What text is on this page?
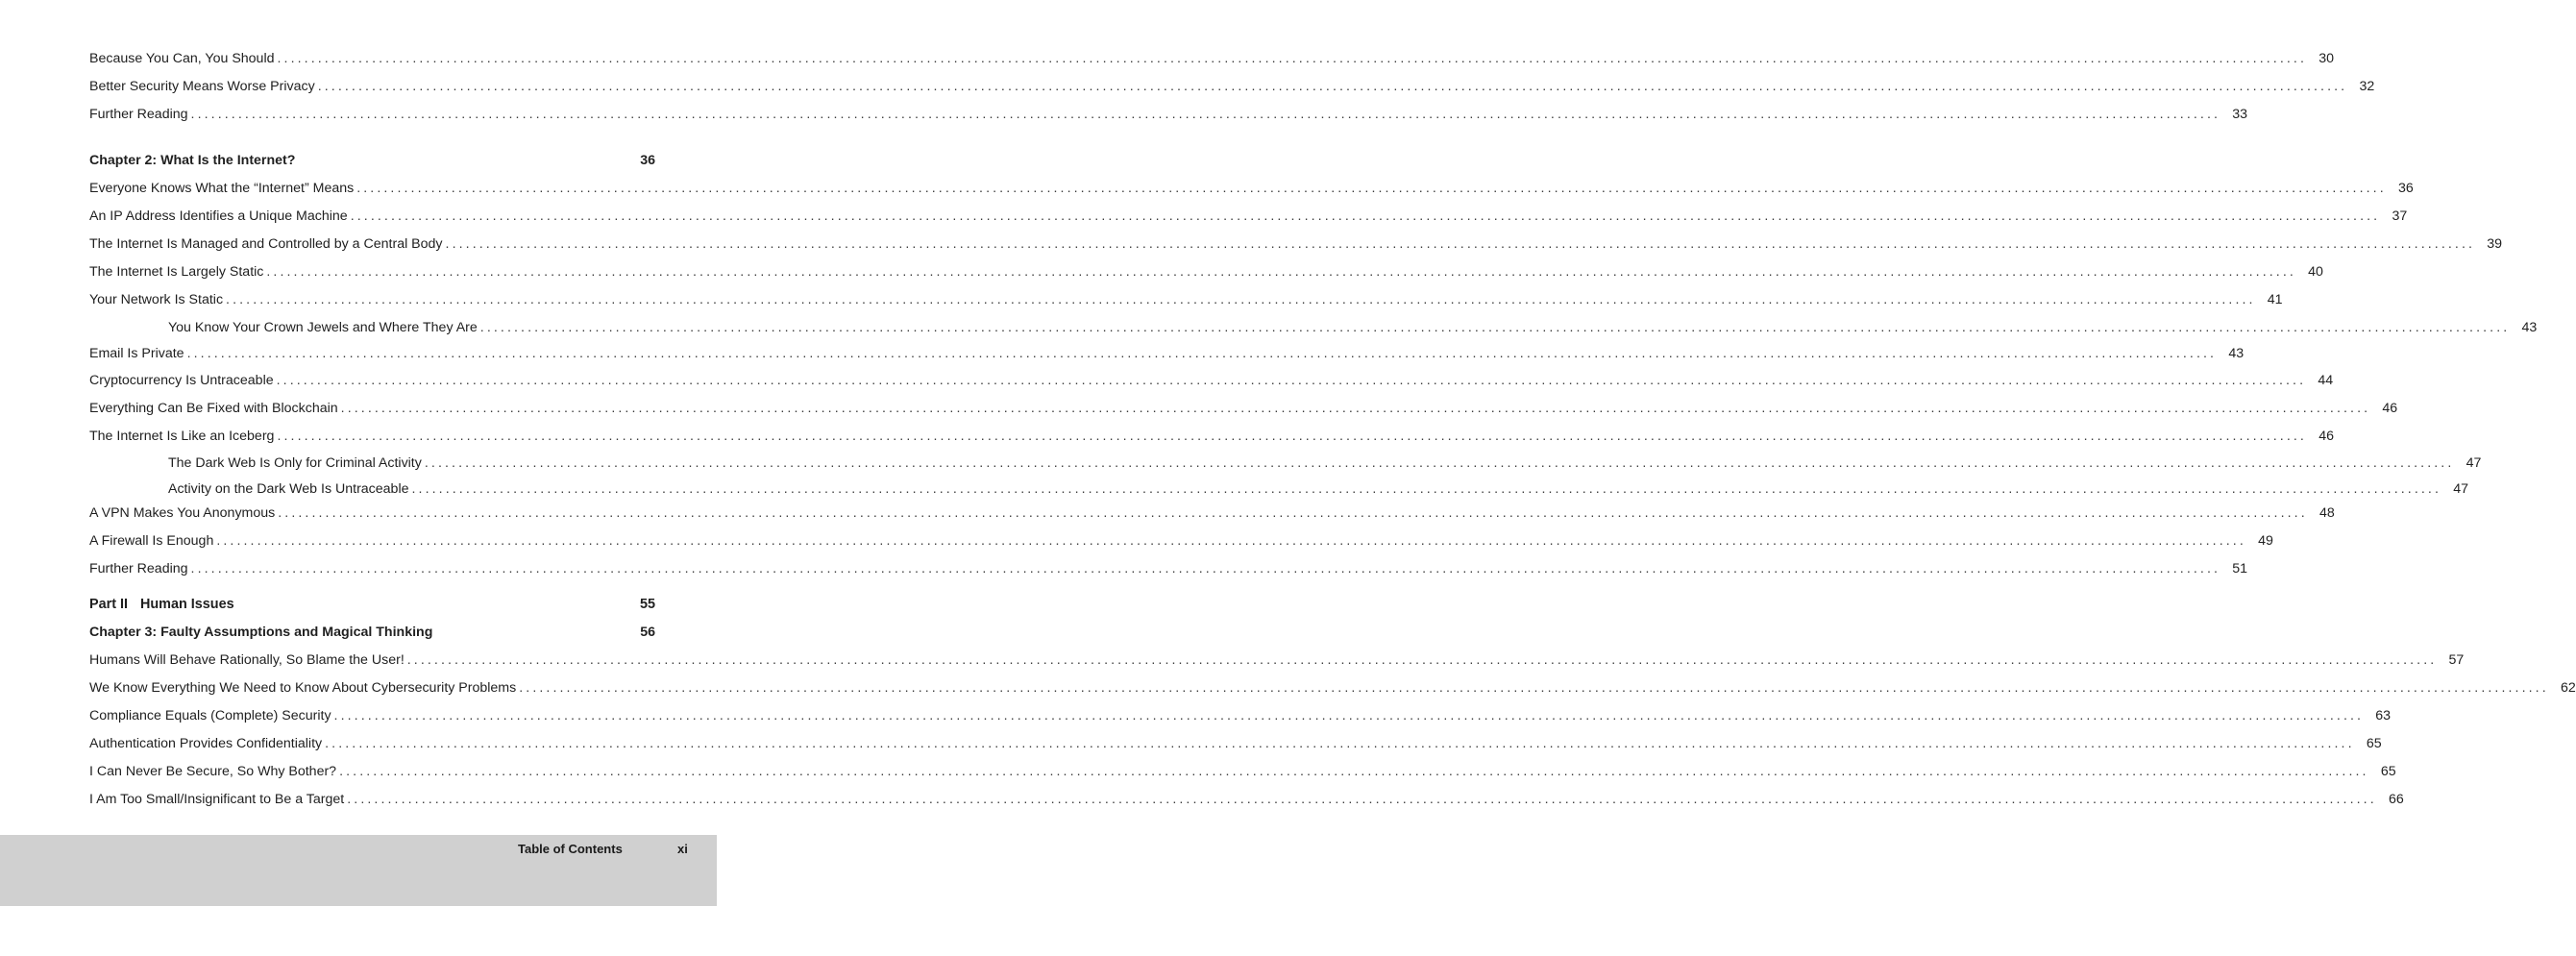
Because You Can, You Should ............................................................................................................................................................................................................................................................................................................ 30
Better Security Means Worse Privacy ............................................................................................................................................................................................................................................................................................................ 32
Further Reading ............................................................................................................................................................................................................................................................................................................ 33
Chapter 2: What Is the Internet?	36
Everyone Knows What the “Internet” Means ............................................................................................................................................................................................................................................................................................................ 36
An IP Address Identifies a Unique Machine ............................................................................................................................................................................................................................................................................................................ 37
The Internet Is Managed and Controlled by a Central Body ............................................................................................................................................................................................................................................................................................................ 39
The Internet Is Largely Static ............................................................................................................................................................................................................................................................................................................ 40
Your Network Is Static ............................................................................................................................................................................................................................................................................................................ 41
You Know Your Crown Jewels and Where They Are ............................................................................................................................................................................................................................................................................................................ 43
Email Is Private ............................................................................................................................................................................................................................................................................................................ 43
Cryptocurrency Is Untraceable ............................................................................................................................................................................................................................................................................................................ 44
Everything Can Be Fixed with Blockchain ............................................................................................................................................................................................................................................................................................................ 46
The Internet Is Like an Iceberg ............................................................................................................................................................................................................................................................................................................ 46
The Dark Web Is Only for Criminal Activity ............................................................................................................................................................................................................................................................................................................ 47
Activity on the Dark Web Is Untraceable ............................................................................................................................................................................................................................................................................................................ 47
A VPN Makes You Anonymous ............................................................................................................................................................................................................................................................................................................ 48
A Firewall Is Enough ............................................................................................................................................................................................................................................................................................................ 49
Further Reading ............................................................................................................................................................................................................................................................................................................ 51
Part II Human Issues	55
Chapter 3: Faulty Assumptions and Magical Thinking	56
Humans Will Behave Rationally, So Blame the User! ............................................................................................................................................................................................................................................................................................................ 57
We Know Everything We Need to Know About Cybersecurity Problems ............................................................................................................................................................................................................................................................................................................ 62
Compliance Equals (Complete) Security ............................................................................................................................................................................................................................................................................................................ 63
Authentication Provides Confidentiality ............................................................................................................................................................................................................................................................................................................ 65
I Can Never Be Secure, So Why Bother? ............................................................................................................................................................................................................................................................................................................ 65
I Am Too Small/Insignificant to Be a Target ............................................................................................................................................................................................................................................................................................................ 66
Table of Contents	xi
